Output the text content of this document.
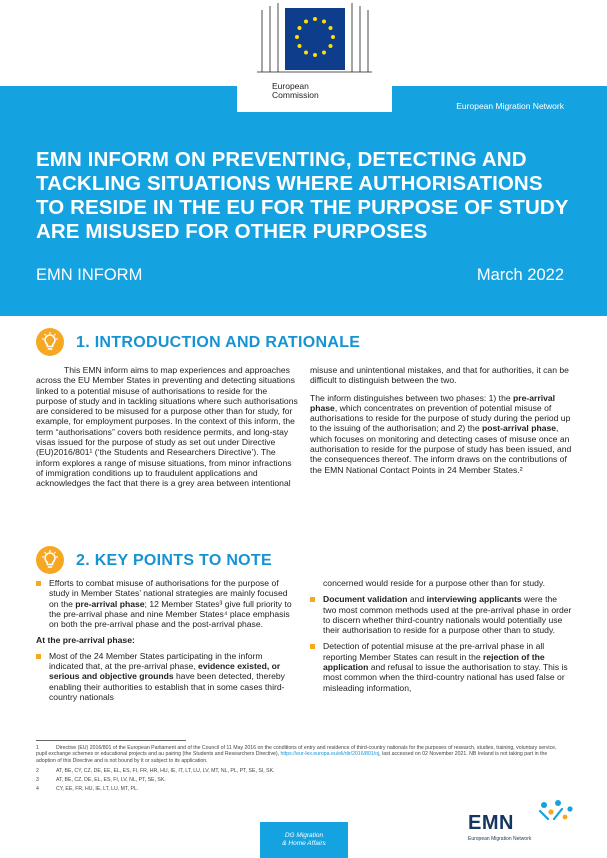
European
Commission
European Migration Network
EMN INFORM ON PREVENTING, DETECTING AND TACKLING SITUATIONS WHERE AUTHORISATIONS TO RESIDE IN THE EU FOR THE PURPOSE OF STUDY ARE MISUSED FOR OTHER PURPOSES
EMN INFORM	March 2022
1. INTRODUCTION AND RATIONALE

This EMN inform aims to map experiences and approaches across the EU Member States in preventing and detecting situations linked to a potential misuse of authorisations to reside for the purpose of study and in tackling situations where such authorisations are considered to be misused for a purpose other than for study, for example, for employment purposes. In the context of this inform, the term “authorisations” covers both residence permits, and long-stay visas issued for the purpose of study as set out under Directive (EU)2016/801¹ (‘the Students and Researchers Directive’). The inform explores a range of misuse situations, from minor infractions of immigration conditions up to fraudulent applications and acknowledges the fact that there is a grey area between intentional

misuse and unintentional mistakes, and that for authorities, it can be difficult to distinguish between the two.

The inform distinguishes between two phases: 1) the pre-arrival phase, which concentrates on prevention of potential misuse of authorisations to reside for the purpose of study during the period up to the issuing of the authorisation; and 2) the post-arrival phase, which focuses on monitoring and detecting cases of misuse once an authorisation to reside for the purpose of study has been issued, and the consequences thereof. The inform draws on the contributions of the EMN National Contact Points in 24 Member States.²

2. KEY POINTS TO NOTE
Efforts to combat misuse of authorisations for the purpose of study in Member States’ national strategies are mainly focused on the pre-arrival phase; 12 Member States³ give full priority to the pre-arrival phase and nine Member States⁴ place emphasis on both the pre-arrival phase and the post-arrival phase.
At the pre-arrival phase:
Most of the 24 Member States participating in the inform indicated that, at the pre-arrival phase, evidence existed, or serious and objective grounds have been detected, thereby enabling their authorities to establish that in some cases third-country nationals

concerned would reside for a purpose other than for study.

Document validation and interviewing applicants were the two most common methods used at the pre-arrival phase in order to discern whether third-country nationals would potentially use their authorisation to reside for a purpose other than to study.
Detection of potential misuse at the pre-arrival phase in all reporting Member States can result in the rejection of the application and refusal to issue the authorisation to stay. This is most common when the third-country national has used false or misleading information,
1	Directive (EU) 2016/801 of the European Parliament and of the Council of 11 May 2016 on the conditions of entry and residence of third-country nationals for the purposes of research, studies, training, voluntary service, pupil exchange schemes or educational projects and au pairing (the Students and Researchers Directive), https://eur-lex.europa.eu/eli/dir/2016/801/oj, last accessed on 02 November 2021. NB Ireland is not taking part in the adoption of this Directive and is not bound by it or subject to its application.
2	AT, BE, CY, CZ, DE, EE, EL, ES, FI, FR, HR, HU, IE, IT, LT, LU, LV, MT, NL, PL, PT, SE, SI, SK.
3	AT, BE, CZ, DE, EL, ES, FI, LV, NL, PT, SE, SK.
4	CY, EE, FR, HU, IE, LT, LU, MT, PL.
DG Migration
& Home Affairs
EMN
European Migration Network
